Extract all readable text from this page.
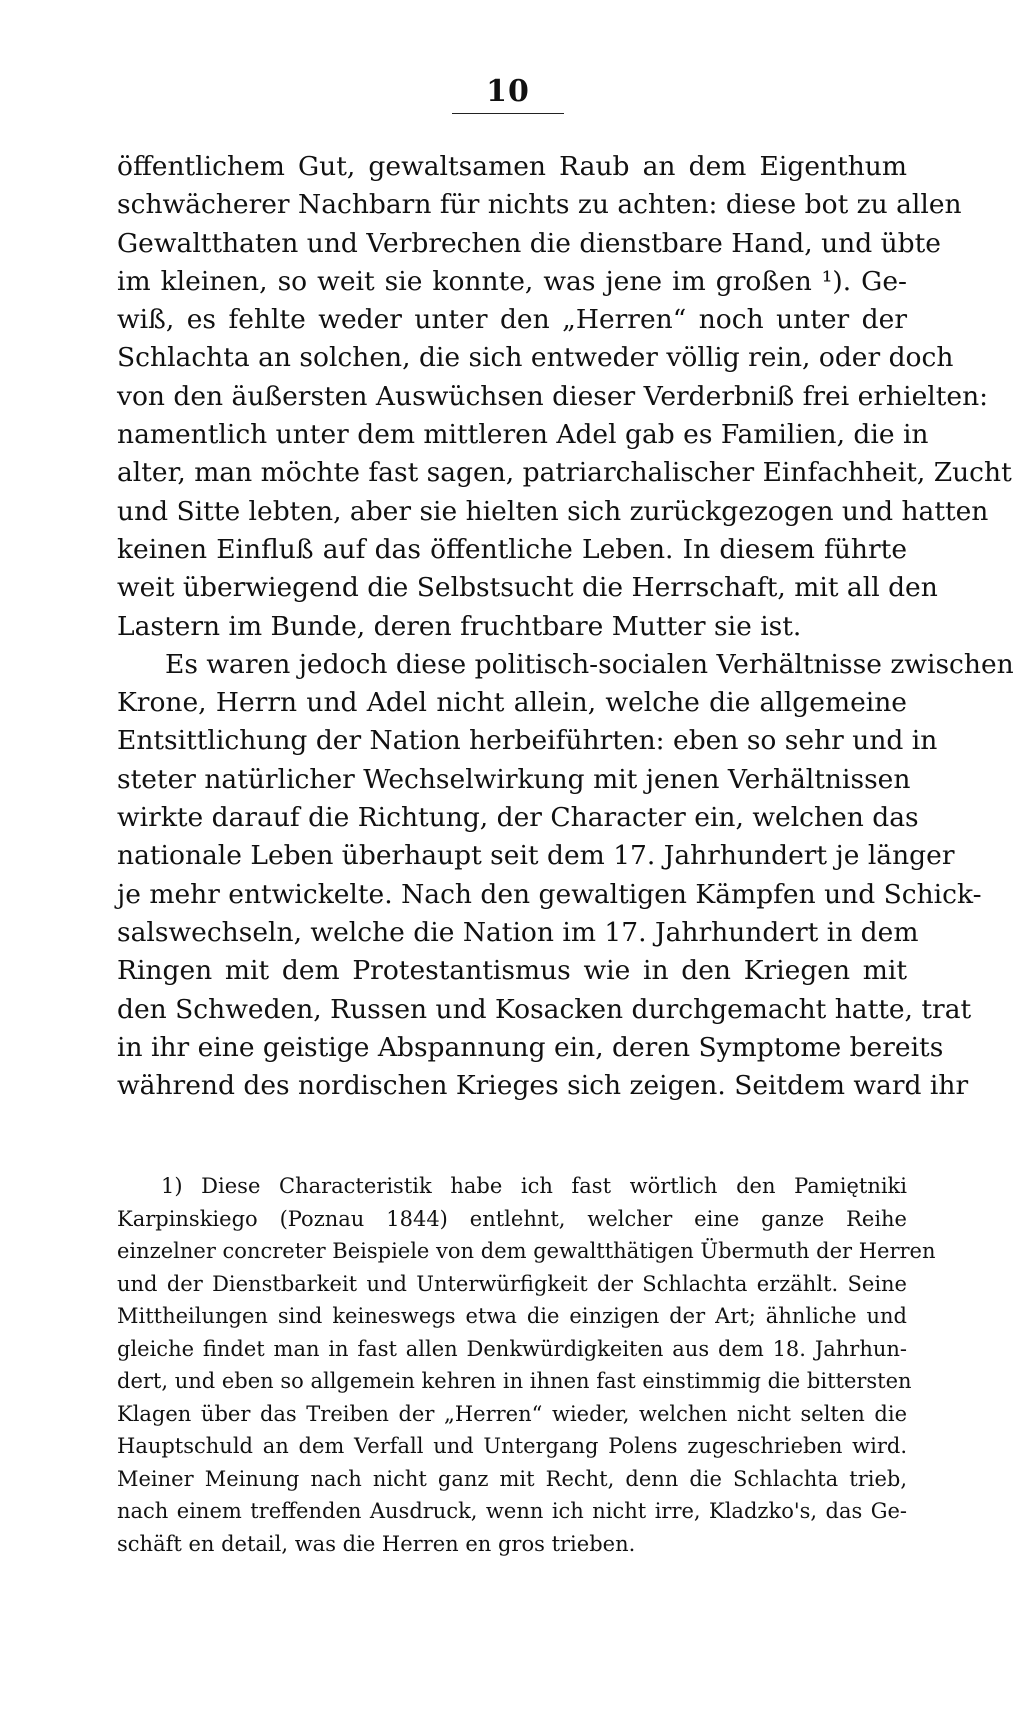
10
öffentlichem Gut, gewaltsamen Raub an dem Eigenthum
schwächerer Nachbarn für nichts zu achten: diese bot zu allen
Gewaltthaten und Verbrechen die dienstbare Hand, und übte
im kleinen, so weit sie konnte, was jene im großen ¹). Ge-
wiß, es fehlte weder unter den „Herren“ noch unter der
Schlachta an solchen, die sich entweder völlig rein, oder doch
von den äußersten Auswüchsen dieser Verderbniß frei erhielten:
namentlich unter dem mittleren Adel gab es Familien, die in
alter, man möchte fast sagen, patriarchalischer Einfachheit, Zucht
und Sitte lebten, aber sie hielten sich zurückgezogen und hatten
keinen Einfluß auf das öffentliche Leben. In diesem führte
weit überwiegend die Selbstsucht die Herrschaft, mit all den
Lastern im Bunde, deren fruchtbare Mutter sie ist.
Es waren jedoch diese politisch-socialen Verhältnisse zwischen
Krone, Herrn und Adel nicht allein, welche die allgemeine
Entsittlichung der Nation herbeiführten: eben so sehr und in
steter natürlicher Wechselwirkung mit jenen Verhältnissen
wirkte darauf die Richtung, der Character ein, welchen das
nationale Leben überhaupt seit dem 17. Jahrhundert je länger
je mehr entwickelte. Nach den gewaltigen Kämpfen und Schick-
salswechseln, welche die Nation im 17. Jahrhundert in dem
Ringen mit dem Protestantismus wie in den Kriegen mit
den Schweden, Russen und Kosacken durchgemacht hatte, trat
in ihr eine geistige Abspannung ein, deren Symptome bereits
während des nordischen Krieges sich zeigen. Seitdem ward ihr
1) Diese Characteristik habe ich fast wörtlich den Pamiętniki
Karpinskiego (Poznau 1844) entlehnt, welcher eine ganze Reihe
einzelner concreter Beispiele von dem gewaltthätigen Übermuth der Herren
und der Dienstbarkeit und Unterwürfigkeit der Schlachta erzählt. Seine
Mittheilungen sind keineswegs etwa die einzigen der Art; ähnliche und
gleiche findet man in fast allen Denkwürdigkeiten aus dem 18. Jahrhun-
dert, und eben so allgemein kehren in ihnen fast einstimmig die bittersten
Klagen über das Treiben der „Herren“ wieder, welchen nicht selten die
Hauptschuld an dem Verfall und Untergang Polens zugeschrieben wird.
Meiner Meinung nach nicht ganz mit Recht, denn die Schlachta trieb,
nach einem treffenden Ausdruck, wenn ich nicht irre, Kladzko's, das Ge-
schäft en detail, was die Herren en gros trieben.
